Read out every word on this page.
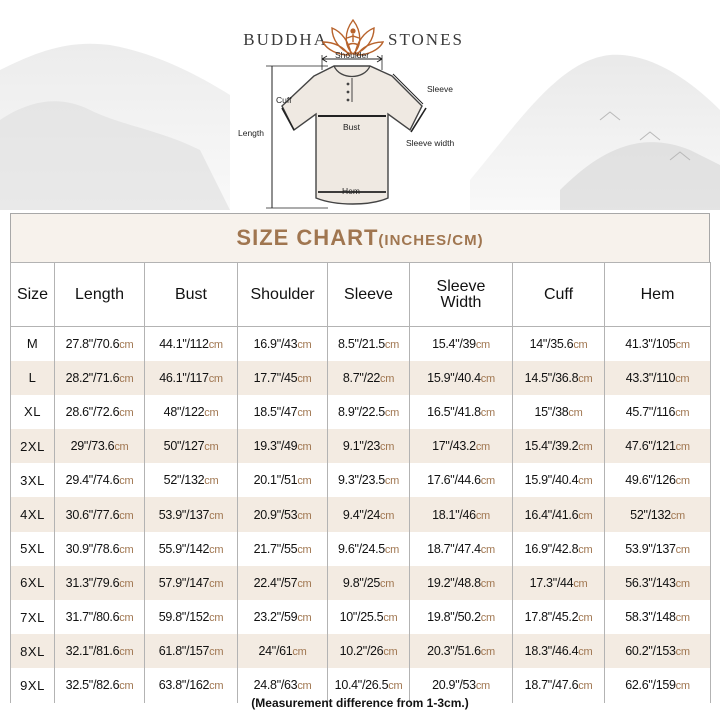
BUDDHA	STONES
Shoulder
Sleeve
Cuff
Length
Bust
Sleeve width
Hem
SIZE CHART(INCHES/CM)
Size	Length	Bust	Shoulder	Sleeve	Sleeve Width	Cuff	Hem
M	27.8"/70.6cm	44.1"/112cm	16.9"/43cm	8.5"/21.5cm	15.4"/39cm	14"/35.6cm	41.3"/105cm
L	28.2"/71.6cm	46.1"/117cm	17.7"/45cm	8.7"/22cm	15.9"/40.4cm	14.5"/36.8cm	43.3"/110cm
XL	28.6"/72.6cm	48"/122cm	18.5"/47cm	8.9"/22.5cm	16.5"/41.8cm	15"/38cm	45.7"/116cm
2XL	29"/73.6cm	50"/127cm	19.3"/49cm	9.1"/23cm	17"/43.2cm	15.4"/39.2cm	47.6"/121cm
3XL	29.4"/74.6cm	52"/132cm	20.1"/51cm	9.3"/23.5cm	17.6"/44.6cm	15.9"/40.4cm	49.6"/126cm
4XL	30.6"/77.6cm	53.9"/137cm	20.9"/53cm	9.4"/24cm	18.1"/46cm	16.4"/41.6cm	52"/132cm
5XL	30.9"/78.6cm	55.9"/142cm	21.7"/55cm	9.6"/24.5cm	18.7"/47.4cm	16.9"/42.8cm	53.9"/137cm
6XL	31.3"/79.6cm	57.9"/147cm	22.4"/57cm	9.8"/25cm	19.2"/48.8cm	17.3"/44cm	56.3"/143cm
7XL	31.7"/80.6cm	59.8"/152cm	23.2"/59cm	10"/25.5cm	19.8"/50.2cm	17.8"/45.2cm	58.3"/148cm
8XL	32.1"/81.6cm	61.8"/157cm	24"/61cm	10.2"/26cm	20.3"/51.6cm	18.3"/46.4cm	60.2"/153cm
9XL	32.5"/82.6cm	63.8"/162cm	24.8"/63cm	10.4"/26.5cm	20.9"/53cm	18.7"/47.6cm	62.6"/159cm
(Measurement difference from 1-3cm.)
